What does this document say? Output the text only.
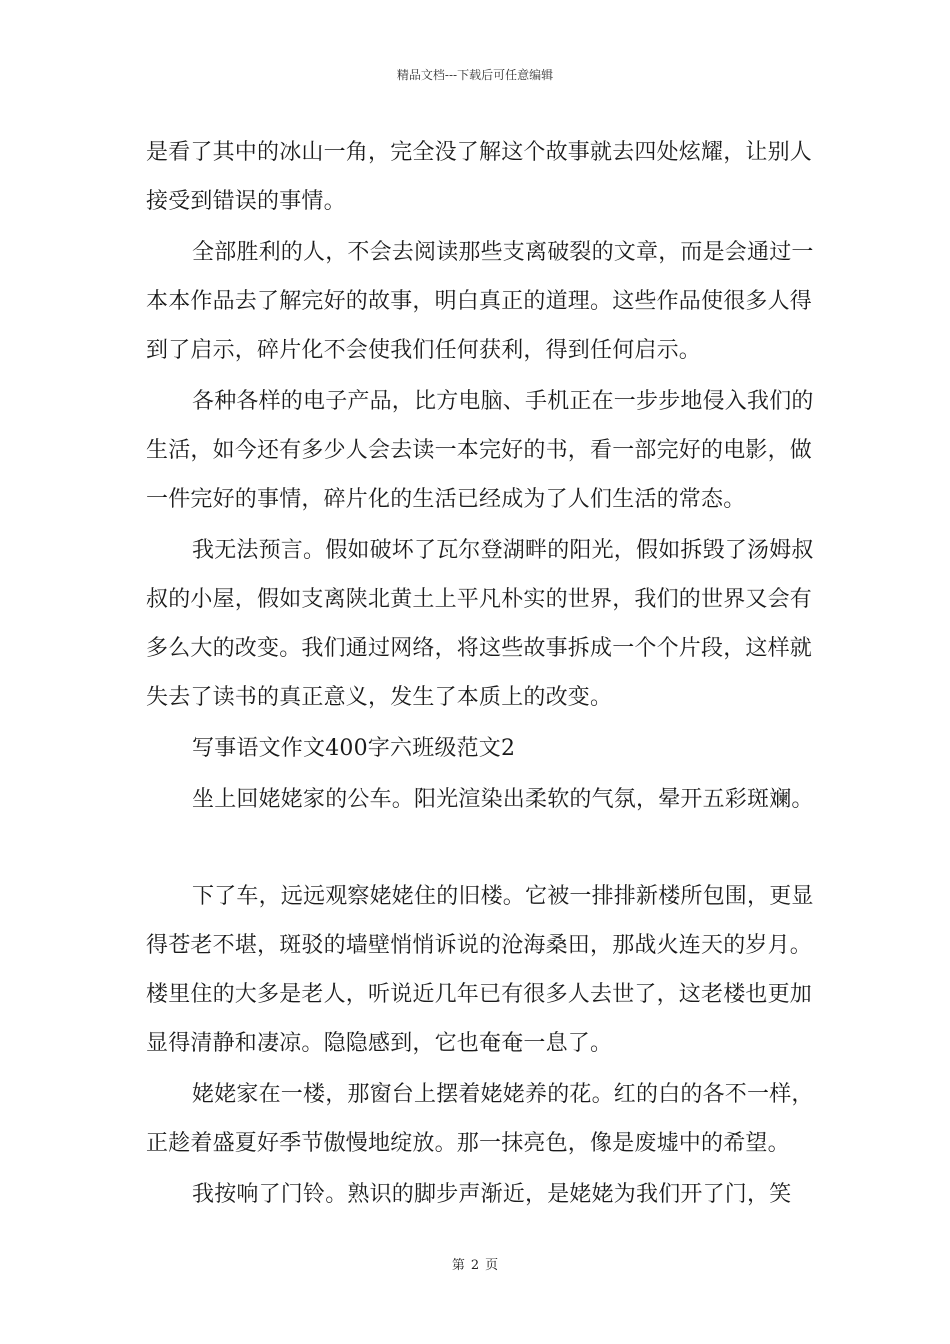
精品文档---下载后可任意编辑

是看了其中的冰山一角，完全没了解这个故事就去四处炫耀，让别人接受到错误的事情。

全部胜利的人，不会去阅读那些支离破裂的文章，而是会通过一本本作品去了解完好的故事，明白真正的道理。这些作品使很多人得到了启示，碎片化不会使我们任何获利，得到任何启示。

各种各样的电子产品，比方电脑、手机正在一步步地侵入我们的生活，如今还有多少人会去读一本完好的书，看一部完好的电影，做一件完好的事情，碎片化的生活已经成为了人们生活的常态。

我无法预言。假如破坏了瓦尔登湖畔的阳光，假如拆毁了汤姆叔叔的小屋，假如支离陕北黄土上平凡朴实的世界，我们的世界又会有多么大的改变。我们通过网络，将这些故事拆成一个个片段，这样就失去了读书的真正意义，发生了本质上的改变。

写事语文作文400字六班级范文2

坐上回姥姥家的公车。阳光渲染出柔软的气氛，晕开五彩斑斓。

下了车，远远观察姥姥住的旧楼。它被一排排新楼所包围，更显得苍老不堪，斑驳的墙壁悄悄诉说的沧海桑田，那战火连天的岁月。楼里住的大多是老人，听说近几年已有很多人去世了，这老楼也更加显得清静和凄凉。隐隐感到，它也奄奄一息了。

姥姥家在一楼，那窗台上摆着姥姥养的花。红的白的各不一样，正趁着盛夏好季节傲慢地绽放。那一抹亮色，像是废墟中的希望。

我按响了门铃。熟识的脚步声渐近，是姥姥为我们开了门，笑

第 2 页
